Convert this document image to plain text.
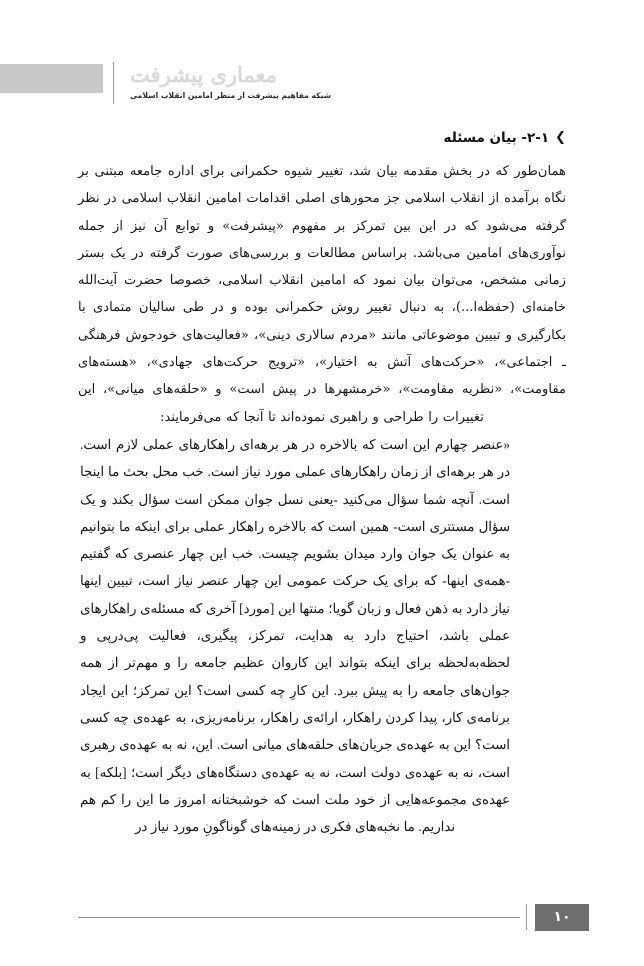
معماری پیشرفت
شبکه مفاهیم پیشرفت از منظر امامین انقلاب اسلامی
❯
۲-۱- بیان مسئله

همان‌طور که در بخش مقدمه بیان شد، تغییر شیوه حکمرانی برای اداره جامعه مبتنی بر نگاه برآمده از انقلاب اسلامی جز محورهای اصلی اقدامات امامین انقلاب اسلامی در نظر گرفته می‌شود که در این بین تمرکز بر مفهوم «پیشرفت» و توابع آن نیز از جمله نوآوری‌های امامین می‌باشد. براساس مطالعات و بررسی‌های صورت گرفته در یک بستر زمانی مشخص، می‌توان بیان نمود که امامین انقلاب اسلامی، خصوصا حضرت آیت‌الله خامنه‌ای (حفظه‌ا...)، به دنبال تغییر روش حکمرانی بوده و در طی سالیان متمادی با بکارگیری و تبیین موضوعاتی مانند «مردم سالاری دینی»، «فعالیت‌های خودجوش فرهنگی ـ اجتماعی»، «حرکت‌های آتش به اختیار»، «ترویج حرکت‌های جهادی»، «هسته‌های مقاومت»، «نظریه مقاومت»، «خرمشهرها در پیش است» و «حلقه‌های میانی»، این تغییرات را طراحی و راهبری نموده‌اند تا آنجا که می‌فرمایند:

«عنصر چهارم این است که بالاخره در هر برهه‌ای راهکارهای عملی لازم است. در هر برهه‌ای از زمان راهکارهای عملی مورد نیاز است. خب محل بحث ما اینجا است. آنچه شما سؤال می‌کنید -یعنی نسل جوان ممکن است سؤال بکند و یک سؤال مستتری است- همین است که بالاخره راهکار عملی برای اینکه ما بتوانیم به عنوان یک جوان وارد میدان بشویم چیست. خب این چهار عنصری که گفتیم -همه‌ی اینها- که برای یک حرکت عمومی این چهار عنصر نیاز است، تبیین اینها نیاز دارد به ذهن فعال و زبان گویا؛ منتها این [مورد] آخری که مسئله‌ی راهکارهای عملی باشد، احتیاج دارد به هدایت، تمرکز، پیگیری، فعالیت پی‌درپی و لحظه‌به‌لحظه برای اینکه بتواند این کاروان عظیم جامعه را و مهم‌تر از همه جوان‌های جامعه را به پیش ببرد. این کارِ چه کسی است؟ این تمرکز؛ این ایجاد برنامه‌ی کار، پیدا کردن راهکار، ارائه‌ی راهکار، برنامه‌ریزی، به عهده‌ی چه کسی است؟ این به عهده‌ی جریان‌های حلقه‌های میانی است. این، نه به عهده‌ی رهبری است، نه به عهده‌ی دولت است، نه به عهده‌ی دستگاه‌های دیگر است؛ [بلکه] به عهده‌ی مجموعه‌هایی از خود ملت است که خوشبختانه امروز ما این را کم هم نداریم. ما نخبه‌های فکری در زمینه‌های گوناگونِ مورد نیاز در

۱۰
